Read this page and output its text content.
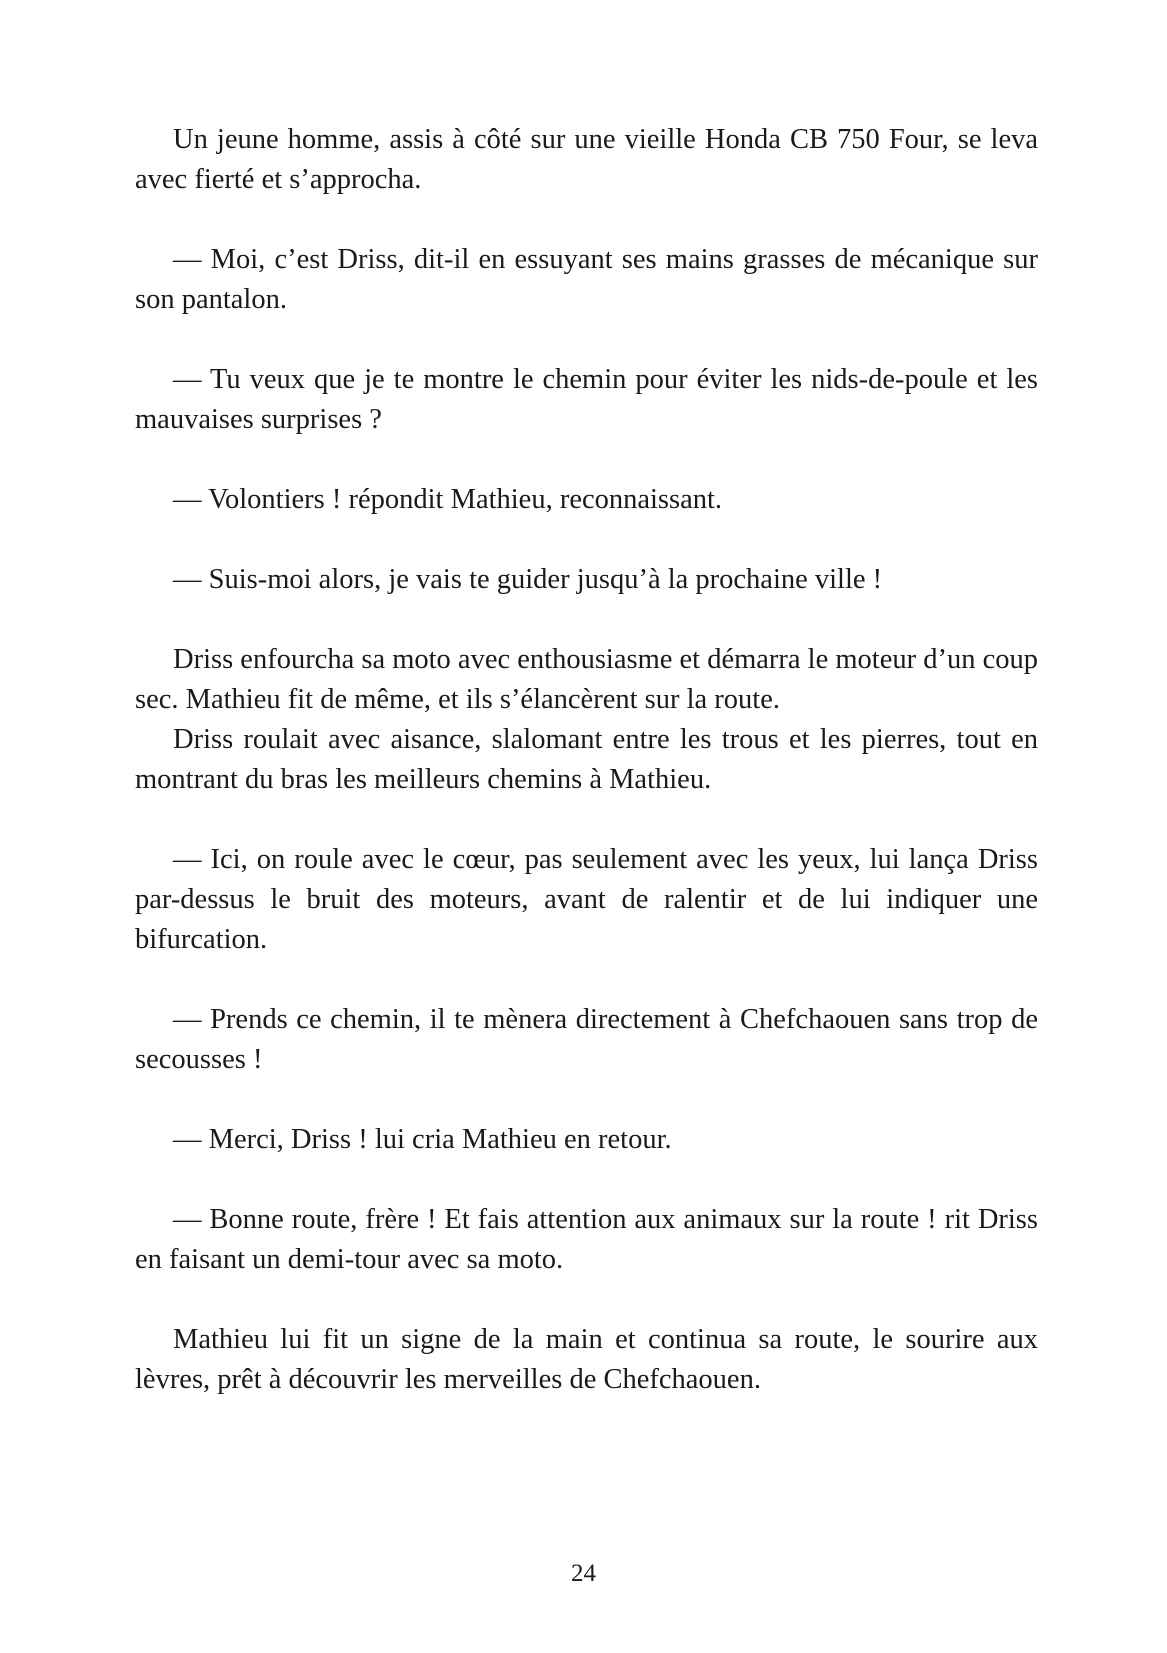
Un jeune homme, assis à côté sur une vieille Honda CB 750 Four, se leva avec fierté et s’approcha.

— Moi, c’est Driss, dit-il en essuyant ses mains grasses de mécanique sur son pantalon.

— Tu veux que je te montre le chemin pour éviter les nids-de-poule et les mauvaises surprises ?

— Volontiers ! répondit Mathieu, reconnaissant.

— Suis-moi alors, je vais te guider jusqu’à la prochaine ville !

Driss enfourcha sa moto avec enthousiasme et démarra le moteur d’un coup sec. Mathieu fit de même, et ils s’élancèrent sur la route.

Driss roulait avec aisance, slalomant entre les trous et les pierres, tout en montrant du bras les meilleurs chemins à Mathieu.

— Ici, on roule avec le cœur, pas seulement avec les yeux, lui lança Driss par-dessus le bruit des moteurs, avant de ralentir et de lui indiquer une bifurcation.

— Prends ce chemin, il te mènera directement à Chefchaouen sans trop de secousses !

— Merci, Driss ! lui cria Mathieu en retour.

— Bonne route, frère ! Et fais attention aux animaux sur la route ! rit Driss en faisant un demi-tour avec sa moto.

Mathieu lui fit un signe de la main et continua sa route, le sourire aux lèvres, prêt à découvrir les merveilles de Chefchaouen.

24
